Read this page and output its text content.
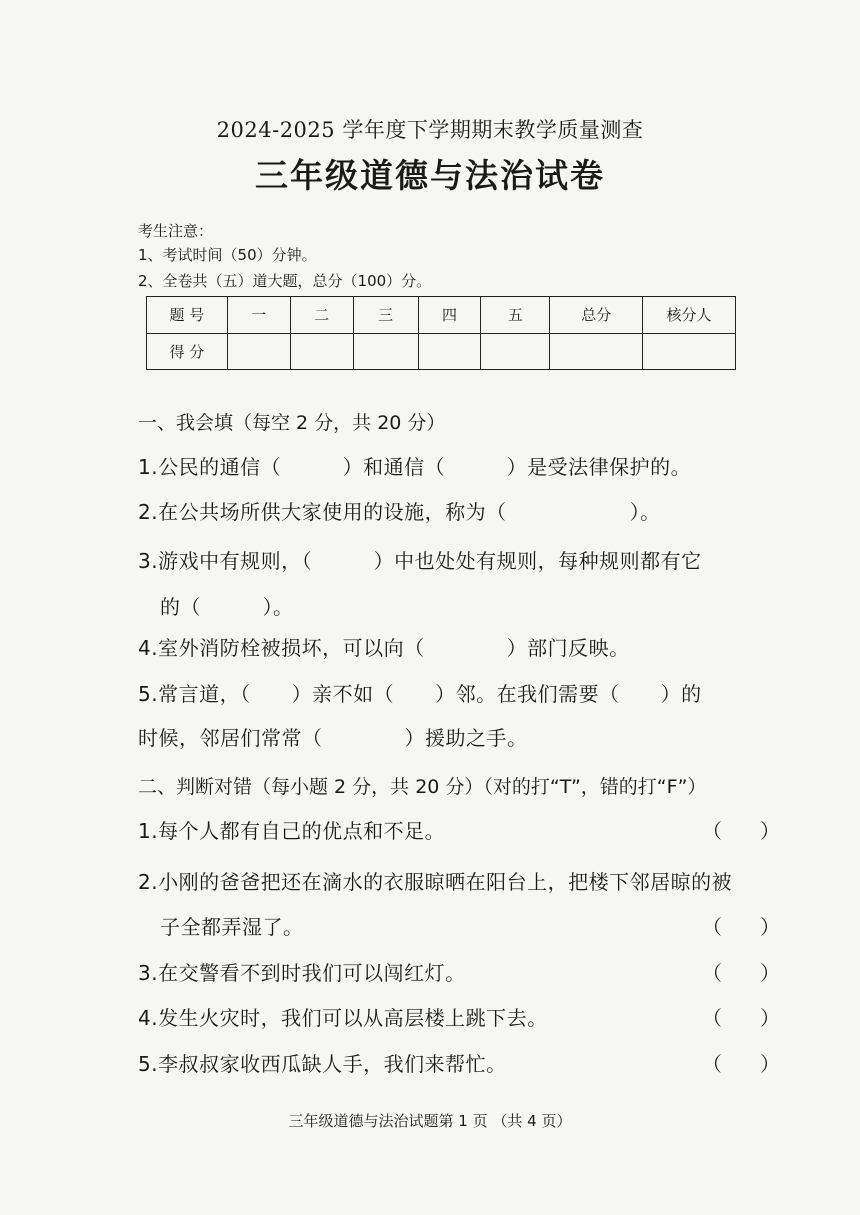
2024-2025 学年度下学期期末教学质量测查
三年级道德与法治试卷
考生注意：
1、考试时间（50）分钟。
2、全卷共（五）道大题，总分（100）分。
题 号	一	二	三	四	五	总分	核分人
得 分							
一、我会填（每空 2 分，共 20 分）
1.公民的通信（　　　）和通信（　　　）是受法律保护的。
2.在公共场所供大家使用的设施，称为（　　　　　　）。
3.游戏中有规则，（　　　）中也处处有规则，每种规则都有它
的（　　　）。
4.室外消防栓被损坏，可以向（　　　　）部门反映。
5.常言道，（　　）亲不如（　　）邻。在我们需要（　　）的
时候，邻居们常常（　　　　）援助之手。
二、判断对错（每小题 2 分，共 20 分）（对的打“T”，错的打“F”）
1.每个人都有自己的优点和不足。	（ ）
2.小刚的爸爸把还在滴水的衣服晾晒在阳台上，把楼下邻居晾的被
子全都弄湿了。	（ ）
3.在交警看不到时我们可以闯红灯。	（ ）
4.发生火灾时，我们可以从高层楼上跳下去。	（ ）
5.李叔叔家收西瓜缺人手，我们来帮忙。	（ ）
三年级道德与法治试题第 1 页 （共 4 页）
